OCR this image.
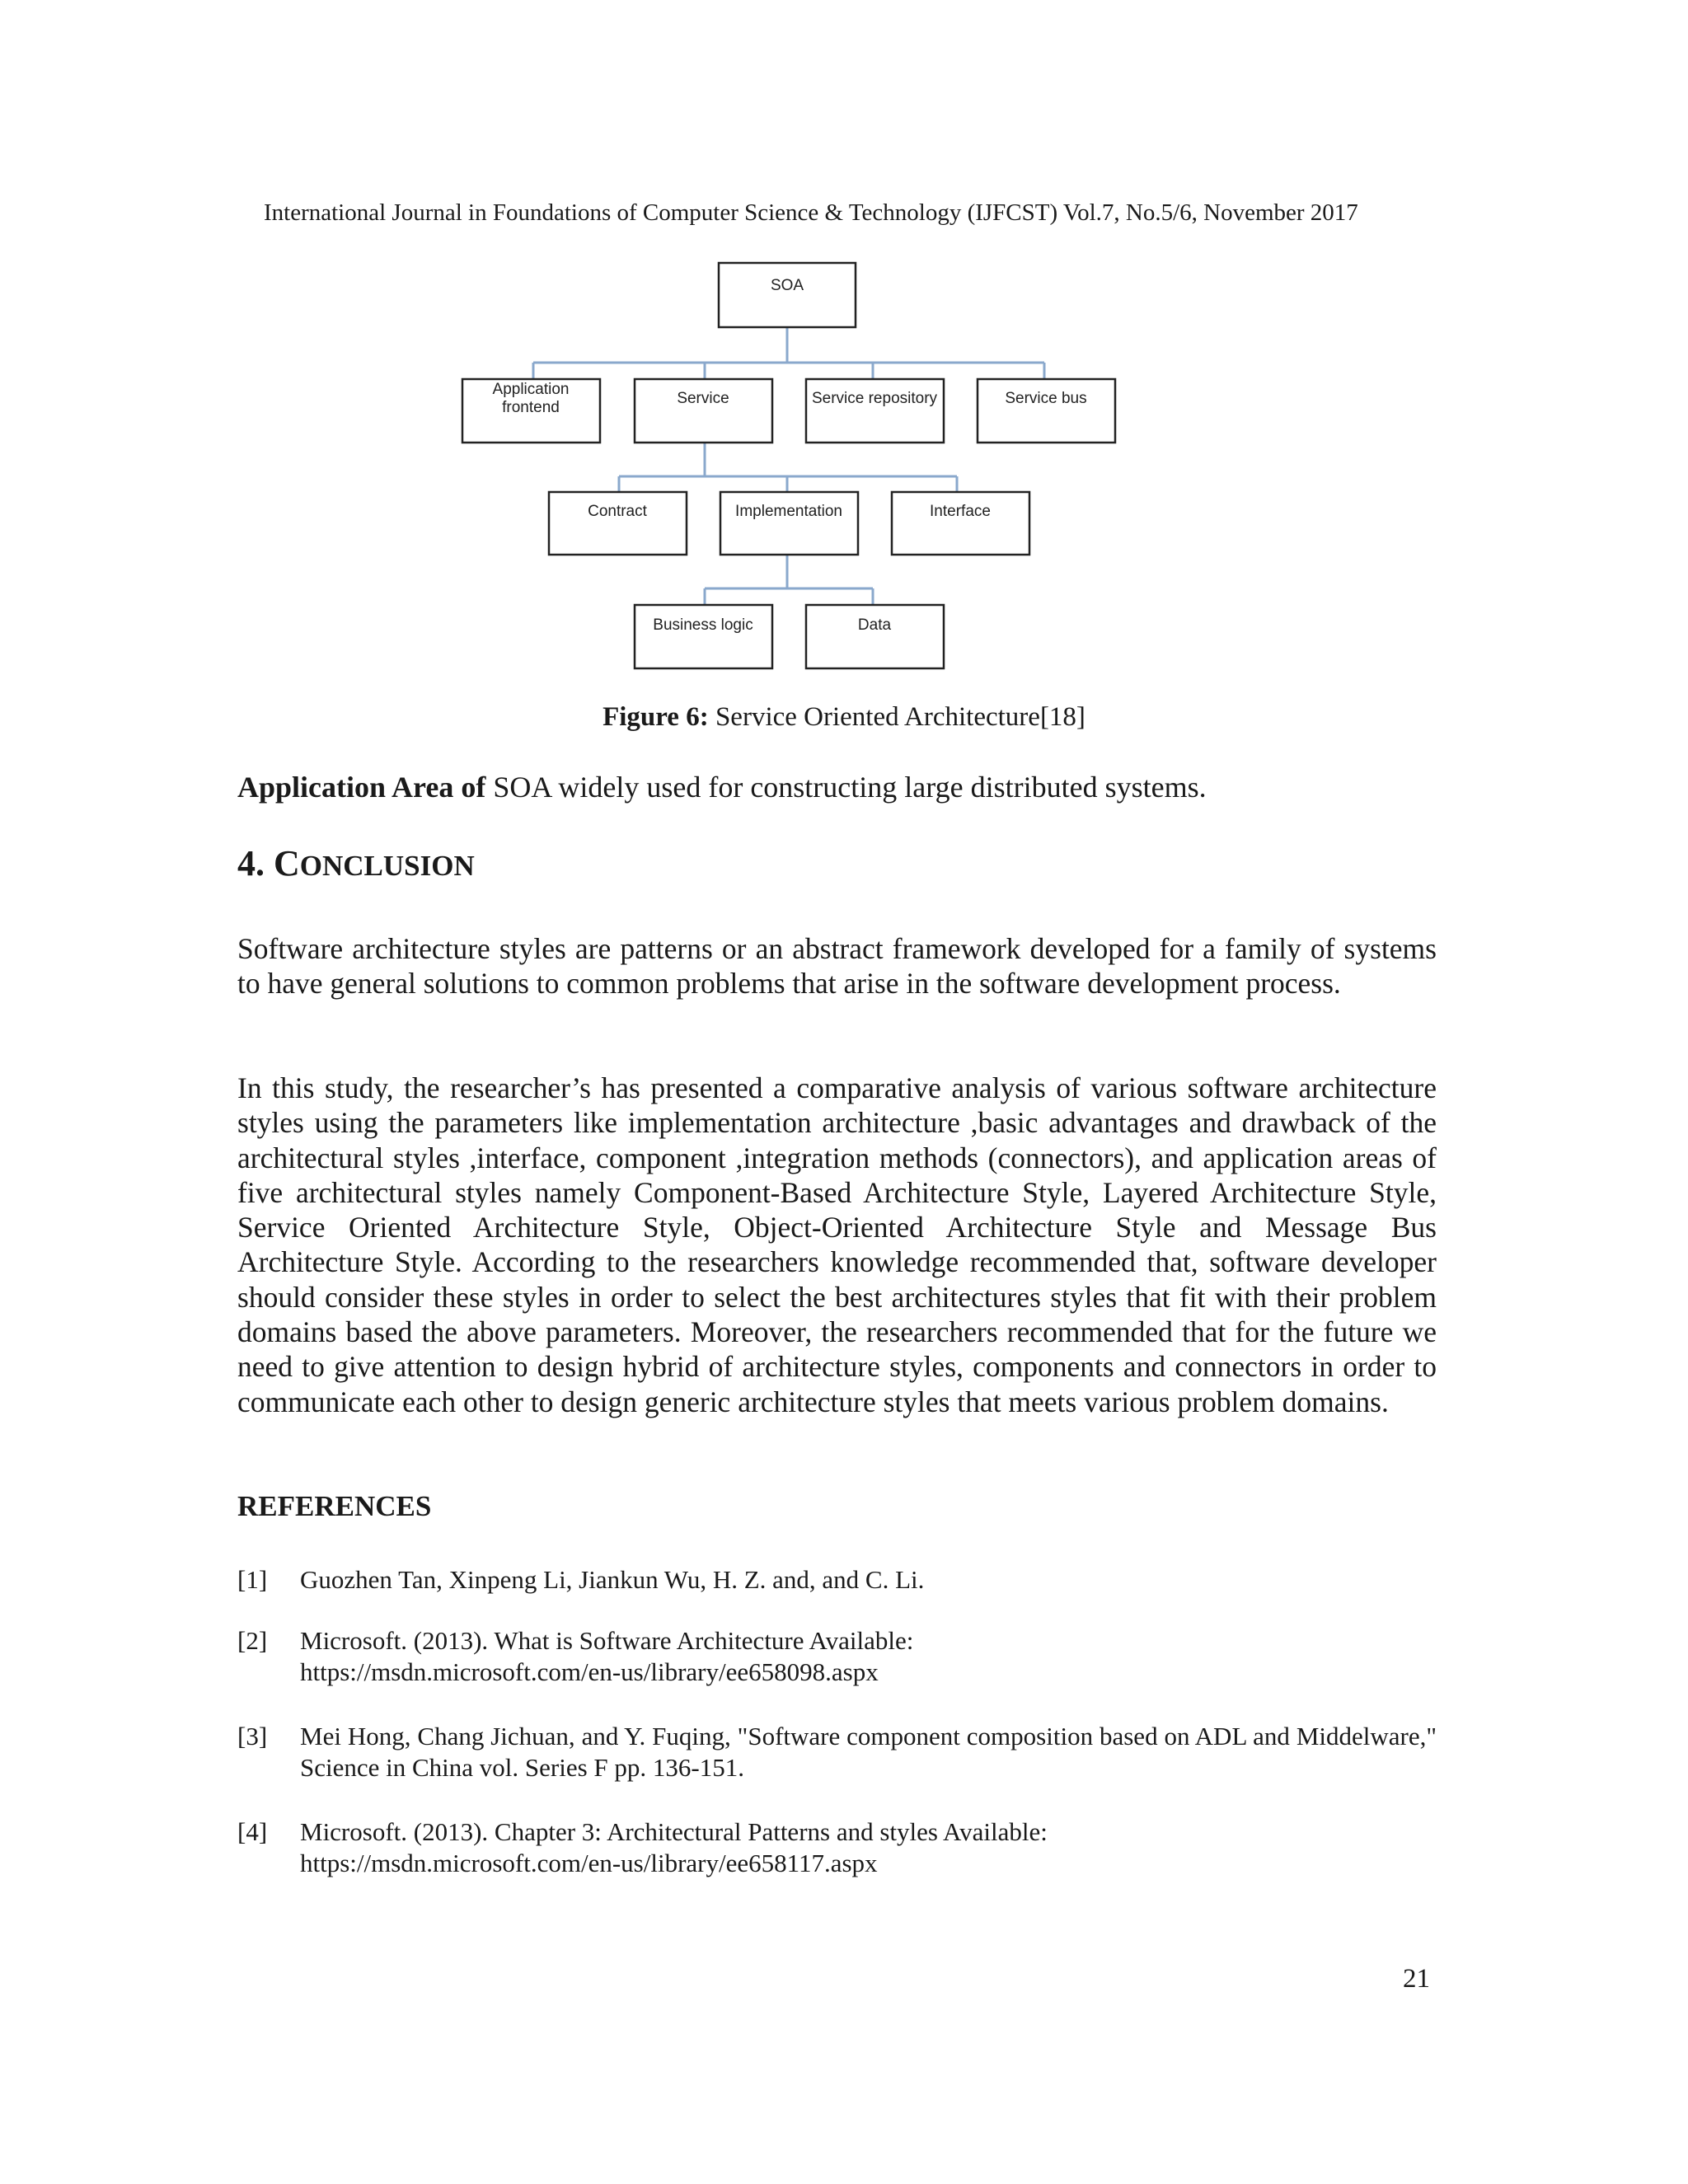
International Journal in Foundations of Computer Science & Technology (IJFCST) Vol.7, No.5/6, November 2017
SOA
Application
frontend
Service	Service repository	Service bus
Contract	Implementation	Interface
Business logic	Data
Figure 6: Service Oriented Architecture[18]
Application Area of SOA widely used for constructing large distributed systems.
4. CONCLUSION

Software architecture styles are patterns or an abstract framework developed for a family of systems to have general solutions to common problems that arise in the software development process.

In this study, the researcher’s has presented a comparative analysis of various software architecture styles using the parameters like implementation architecture ,basic advantages and drawback of the architectural styles ,interface, component ,integration methods (connectors), and application areas of five architectural styles namely Component-Based Architecture Style, Layered Architecture Style, Service Oriented Architecture Style, Object-Oriented Architecture Style and Message Bus Architecture Style. According to the researchers knowledge recommended that, software developer should consider these styles in order to select the best architectures styles that fit with their problem domains based the above parameters. Moreover, the researchers recommended that for the future we need to give attention to design hybrid of architecture styles, components and connectors in order to communicate each other to design generic architecture styles that meets various problem domains.

REFERENCES
[1] Guozhen Tan, Xinpeng Li, Jiankun Wu, H. Z. and, and C. Li.
[2] Microsoft. (2013). What is Software Architecture Available:
https://msdn.microsoft.com/en-us/library/ee658098.aspx
[3] Mei Hong, Chang Jichuan, and Y. Fuqing, "Software component composition based on ADL and Middelware," Science in China vol. Series F pp. 136-151.
[4] Microsoft. (2013). Chapter 3: Architectural Patterns and styles Available:
https://msdn.microsoft.com/en-us/library/ee658117.aspx
21
